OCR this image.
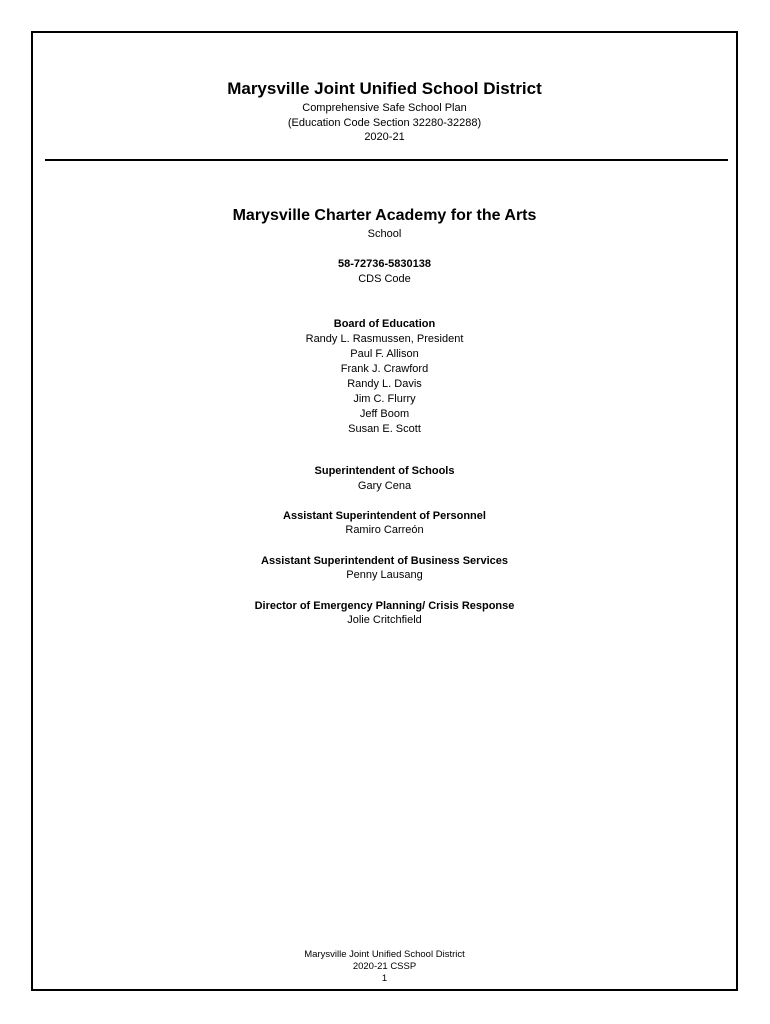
Marysville Joint Unified School District
Comprehensive Safe School Plan
(Education Code Section 32280-32288)
2020-21
Marysville Charter Academy for the Arts
School
58-72736-5830138
CDS Code
Board of Education
Randy L. Rasmussen, President
Paul F. Allison
Frank J. Crawford
Randy L. Davis
Jim C. Flurry
Jeff Boom
Susan E. Scott
Superintendent of Schools
Gary Cena
Assistant Superintendent of Personnel
Ramiro Carreón
Assistant Superintendent of Business Services
Penny Lausang
Director of Emergency Planning/ Crisis Response
Jolie Critchfield
Marysville Joint Unified School District
2020-21 CSSP
1
